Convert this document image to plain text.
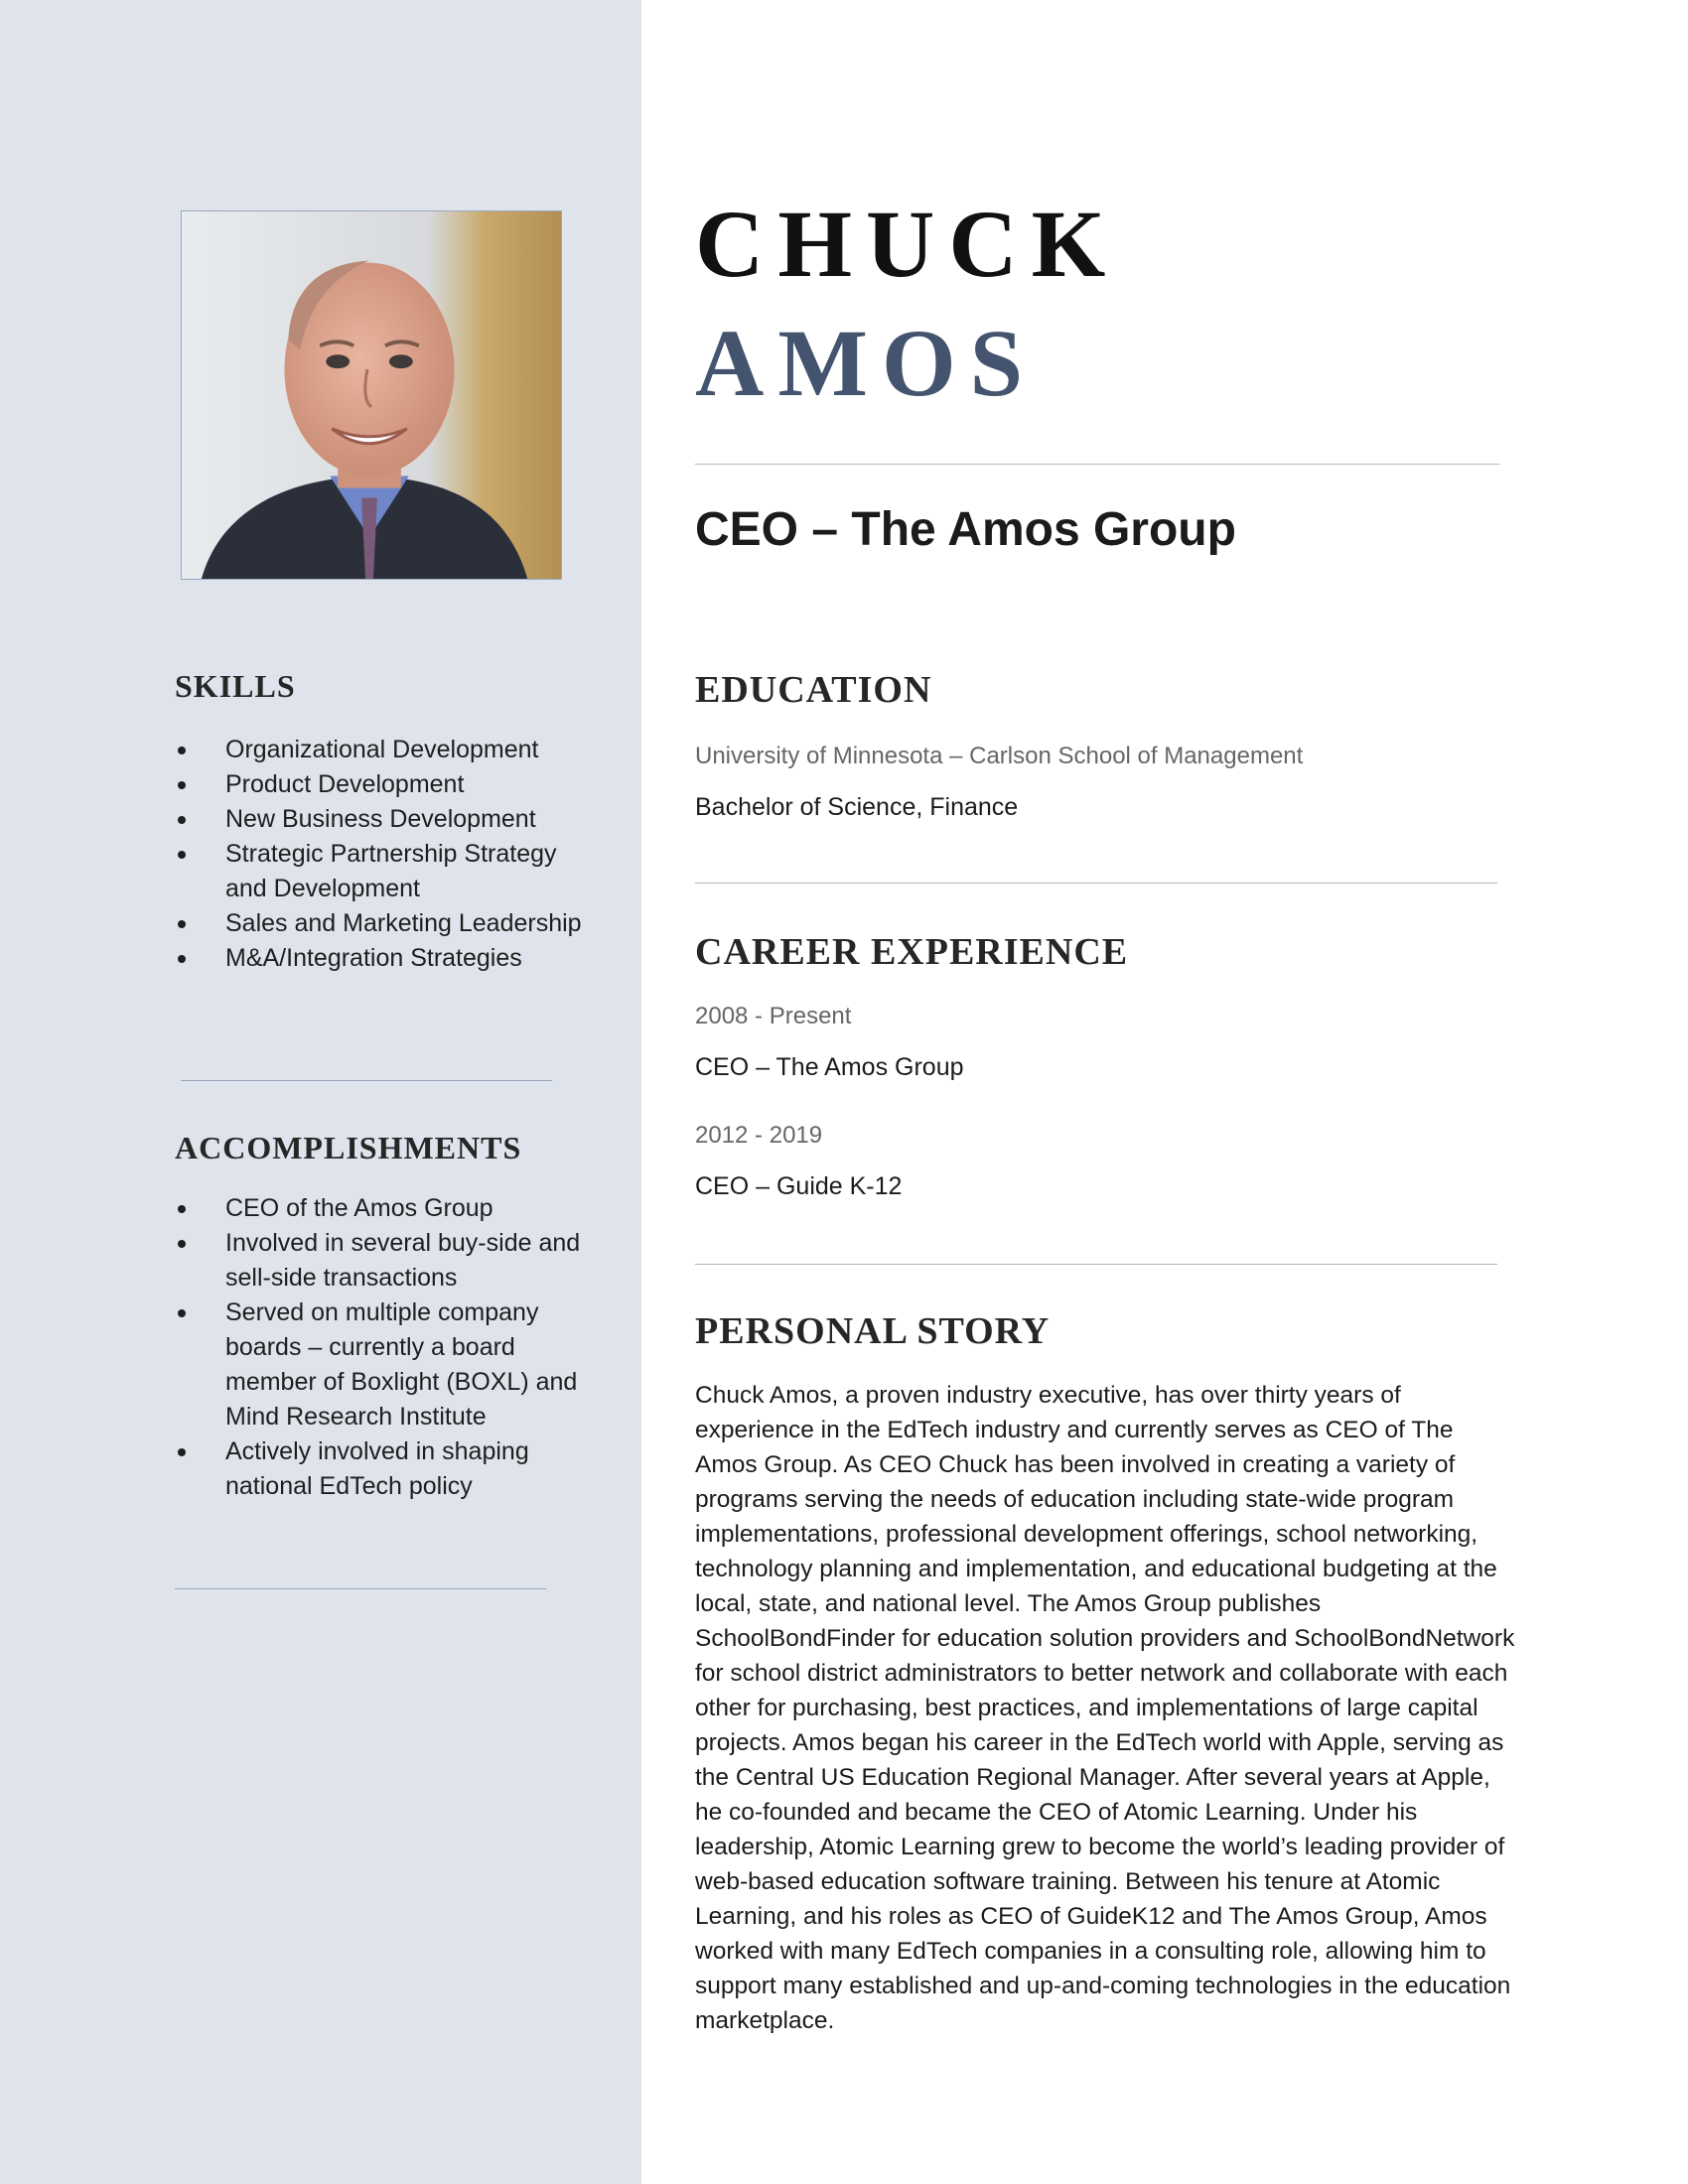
SKILLS
Organizational Development
Product Development
New Business Development
Strategic Partnership Strategy and Development
Sales and Marketing Leadership
M&A/Integration Strategies
ACCOMPLISHMENTS
CEO of the Amos Group
Involved in several buy-side and sell-side transactions
Served on multiple company boards – currently a board member of Boxlight (BOXL) and Mind Research Institute
Actively involved in shaping national EdTech policy
CHUCK
AMOS
CEO – The Amos Group
EDUCATION

University of Minnesota – Carlson School of Management

Bachelor of Science, Finance

CAREER EXPERIENCE

2008 - Present

CEO – The Amos Group

2012 - 2019

CEO – Guide K-12

PERSONAL STORY

Chuck Amos, a proven industry executive, has over thirty years of experience in the EdTech industry and currently serves as CEO of The Amos Group. As CEO Chuck has been involved in creating a variety of programs serving the needs of education including state-wide program implementations, professional development offerings, school networking, technology planning and implementation, and educational budgeting at the local, state, and national level. The Amos Group publishes SchoolBondFinder for education solution providers and SchoolBondNetwork for school district administrators to better network and collaborate with each other for purchasing, best practices, and implementations of large capital projects. Amos began his career in the EdTech world with Apple, serving as the Central US Education Regional Manager. After several years at Apple, he co-founded and became the CEO of Atomic Learning. Under his leadership, Atomic Learning grew to become the world’s leading provider of web-based education software training. Between his tenure at Atomic Learning, and his roles as CEO of GuideK12 and The Amos Group, Amos worked with many EdTech companies in a consulting role, allowing him to support many established and up-and-coming technologies in the education marketplace.
